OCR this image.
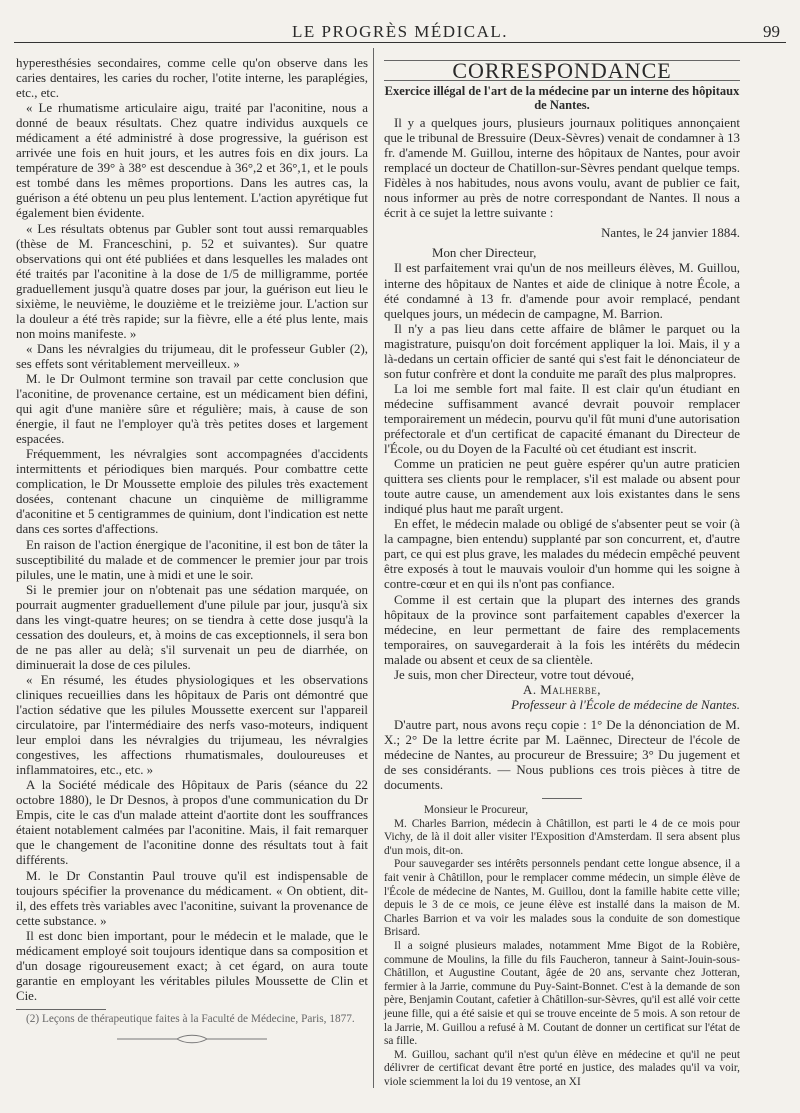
LE PROGRÈS MÉDICAL.	99

hyperesthésies secondaires, comme celle qu'on observe dans les caries dentaires, les caries du rocher, l'otite interne, les paraplégies, etc., etc.

« Le rhumatisme articulaire aigu, traité par l'aconitine, nous a donné de beaux résultats. Chez quatre individus auxquels ce médicament a été administré à dose progressive, la guérison est arrivée une fois en huit jours, et les autres fois en dix jours. La température de 39° à 38° est descendue à 36°,2 et 36°,1, et le pouls est tombé dans les mêmes proportions. Dans les autres cas, la guérison a été obtenu un peu plus lentement. L'action apyrétique fut également bien évidente.

« Les résultats obtenus par Gubler sont tout aussi remarquables (thèse de M. Franceschini, p. 52 et suivantes). Sur quatre observations qui ont été publiées et dans lesquelles les malades ont été traités par l'aconitine à la dose de 1/5 de milligramme, portée graduellement jusqu'à quatre doses par jour, la guérison eut lieu le sixième, le neuvième, le douzième et le treizième jour. L'action sur la douleur a été très rapide; sur la fièvre, elle a été plus lente, mais non moins manifeste. »

« Dans les névralgies du trijumeau, dit le professeur Gubler (2), ses effets sont véritablement merveilleux. »

M. le Dr Oulmont termine son travail par cette conclusion que l'aconitine, de provenance certaine, est un médicament bien défini, qui agit d'une manière sûre et régulière; mais, à cause de son énergie, il faut ne l'employer qu'à très petites doses et largement espacées.

Fréquemment, les névralgies sont accompagnées d'accidents intermittents et périodiques bien marqués. Pour combattre cette complication, le Dr Moussette emploie des pilules très exactement dosées, contenant chacune un cinquième de milligramme d'aconitine et 5 centigrammes de quinium, dont l'indication est nette dans ces sortes d'affections.

En raison de l'action énergique de l'aconitine, il est bon de tâter la susceptibilité du malade et de commencer le premier jour par trois pilules, une le matin, une à midi et une le soir.

Si le premier jour on n'obtenait pas une sédation marquée, on pourrait augmenter graduellement d'une pilule par jour, jusqu'à six dans les vingt-quatre heures; on se tiendra à cette dose jusqu'à la cessation des douleurs, et, à moins de cas exceptionnels, il sera bon de ne pas aller au delà; s'il survenait un peu de diarrhée, on diminuerait la dose de ces pilules.

« En résumé, les études physiologiques et les observations cliniques recueillies dans les hôpitaux de Paris ont démontré que l'action sédative que les pilules Moussette exercent sur l'appareil circulatoire, par l'intermédiaire des nerfs vaso-moteurs, indiquent leur emploi dans les névralgies du trijumeau, les névralgies congestives, les affections rhumatismales, douloureuses et inflammatoires, etc., etc. »

A la Société médicale des Hôpitaux de Paris (séance du 22 octobre 1880), le Dr Desnos, à propos d'une communication du Dr Empis, cite le cas d'un malade atteint d'aortite dont les souffrances étaient notablement calmées par l'aconitine. Mais, il fait remarquer que le changement de l'aconitine donne des résultats tout à fait différents.

M. le Dr Constantin Paul trouve qu'il est indispensable de toujours spécifier la provenance du médicament. « On obtient, dit-il, des effets très variables avec l'aconitine, suivant la provenance de cette substance. »

Il est donc bien important, pour le médecin et le malade, que le médicament employé soit toujours identique dans sa composition et d'un dosage rigoureusement exact; à cet égard, on aura toute garantie en employant les véritables pilules Moussette de Clin et Cie.

(2) Leçons de thérapeutique faites à la Faculté de Médecine, Paris, 1877.

CORRESPONDANCE
Exercice illégal de l'art de la médecine par un interne des hôpitaux de Nantes.

Il y a quelques jours, plusieurs journaux politiques annonçaient que le tribunal de Bressuire (Deux-Sèvres) venait de condamner à 13 fr. d'amende M. Guillou, interne des hôpitaux de Nantes, pour avoir remplacé un docteur de Chatillon-sur-Sèvres pendant quelque temps. Fidèles à nos habitudes, nous avons voulu, avant de publier ce fait, nous informer au près de notre correspondant de Nantes. Il nous a écrit à ce sujet la lettre suivante :

Nantes, le 24 janvier 1884.

Mon cher Directeur,

Il est parfaitement vrai qu'un de nos meilleurs élèves, M. Guillou, interne des hôpitaux de Nantes et aide de clinique à notre École, a été condamné à 13 fr. d'amende pour avoir remplacé, pendant quelques jours, un médecin de campagne, M. Barrion.

Il n'y a pas lieu dans cette affaire de blâmer le parquet ou la magistrature, puisqu'on doit forcément appliquer la loi. Mais, il y a là-dedans un certain officier de santé qui s'est fait le dénonciateur de son futur confrère et dont la conduite me paraît des plus malpropres.

La loi me semble fort mal faite. Il est clair qu'un étudiant en médecine suffisamment avancé devrait pouvoir remplacer temporairement un médecin, pourvu qu'il fût muni d'une autorisation préfectorale et d'un certificat de capacité émanant du Directeur de l'École, ou du Doyen de la Faculté où cet étudiant est inscrit.

Comme un praticien ne peut guère espérer qu'un autre praticien quittera ses clients pour le remplacer, s'il est malade ou absent pour toute autre cause, un amendement aux lois existantes dans le sens indiqué plus haut me paraît urgent.

En effet, le médecin malade ou obligé de s'absenter peut se voir (à la campagne, bien entendu) supplanté par son concurrent, et, d'autre part, ce qui est plus grave, les malades du médecin empêché peuvent être exposés à tout le mauvais vouloir d'un homme qui les soigne à contre-cœur et en qui ils n'ont pas confiance.

Comme il est certain que la plupart des internes des grands hôpitaux de la province sont parfaitement capables d'exercer la médecine, en leur permettant de faire des remplacements temporaires, on sauvegarderait à la fois les intérêts du médecin malade ou absent et ceux de sa clientèle.

Je suis, mon cher Directeur, votre tout dévoué,

A. Malherbe,

Professeur à l'École de médecine de Nantes.

D'autre part, nous avons reçu copie : 1° De la dénonciation de M. X.; 2° De la lettre écrite par M. Laënnec, Directeur de l'école de médecine de Nantes, au procureur de Bressuire; 3° Du jugement et de ses considérants. — Nous publions ces trois pièces à titre de documents.

Monsieur le Procureur,

M. Charles Barrion, médecin à Châtillon, est parti le 4 de ce mois pour Vichy, de là il doit aller visiter l'Exposition d'Amsterdam. Il sera absent plus d'un mois, dit-on.

Pour sauvegarder ses intérêts personnels pendant cette longue absence, il a fait venir à Châtillon, pour le remplacer comme médecin, un simple élève de l'École de médecine de Nantes, M. Guillou, dont la famille habite cette ville; depuis le 3 de ce mois, ce jeune élève est installé dans la maison de M. Charles Barrion et va voir les malades sous la conduite de son domestique Brisard.

Il a soigné plusieurs malades, notamment Mme Bigot de la Robière, commune de Moulins, la fille du fils Faucheron, tanneur à Saint-Jouin-sous-Châtillon, et Augustine Coutant, âgée de 20 ans, servante chez Jotteran, fermier à la Jarrie, commune du Puy-Saint-Bonnet. C'est à la demande de son père, Benjamin Coutant, cafetier à Châtillon-sur-Sèvres, qu'il est allé voir cette jeune fille, qui a été saisie et qui se trouve enceinte de 5 mois. A son retour de la Jarrie, M. Guillou a refusé à M. Coutant de donner un certificat sur l'état de sa fille.

M. Guillou, sachant qu'il n'est qu'un élève en médecine et qu'il ne peut délivrer de certificat devant être porté en justice, des malades qu'il va voir, viole sciemment la loi du 19 ventose, an XI
